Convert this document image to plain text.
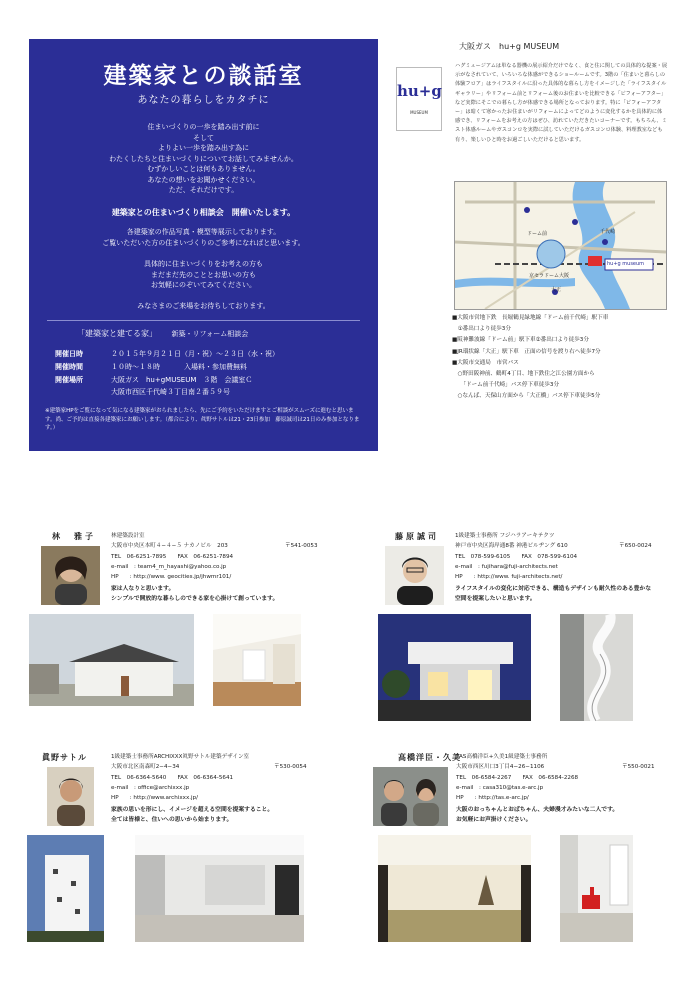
建築家との談話室
あなたの暮らしをカタチに
住まいづくりの一歩を踏み出す前に
そして
よりよい一歩を踏み出す為に
わたくしたちと住まいづくりについてお話してみませんか。
むずかしいことは何もありません。
あなたの想いをお聞かせください。
ただ、それだけです。
建築家との住まいづくり相談会　開催いたします。
各建築家の作品写真・模型等展示しております。
ご覧いただいた方の住まいづくりのご参考になればと思います。
具体的に住まいづくりをお考えの方も
まだまだ先のこととお思いの方も
お気軽にのぞいてみてください。
みなさまのご来場をお待ちしております。
「建築家と建てる家」 新築・リフォーム相談会
開催日時	２０１５年９月２１日（月・祝）～２３日（水・祝）
開催時間	１０時～１８時	入場料・参加費無料
開催場所	大阪ガス　hu+gMUSEUM　３階　会議室Ｃ
大阪市西区千代崎３丁目南２番５９号
※建築家HPをご覧になって気になる建築家がおられましたら、先にご予約をいただけますとご相談がスムーズに進むと思います。尚、ご予約は直接各建築家にお願いします。（都合により、眞野サトルは21・23日参加　藤原誠司は21日のみ参加となります。）
hu+g
MUSEUM
大阪ガス　hu+g MUSEUM
ハグミュージアムは単なる器機の展示紹介だけでなく、食と住に関しての具体的な提案・展示がなされていて、いろいろな体感ができるショールームです。3階の「住まいと暮らしの体験フロア」はライフスタイルに沿った具体的な暮らし方をイメージした「ライフスタイルギャラリー」やリフォーム前とリフォーム後のお住まいを比較できる「ビフォーアフター」など実際にそこでの暮らし方が体感できる場所となっております。特に「ビフォーアフター」は暗くて寒かったお住まいがリフォームによってどのように変化するかを具体的に体感でき、リフォームをお考えの方はぜひ、訪れていただきたいコーナーです。もちろん、ミスト体感ルームやガスコンロを実際に試していただけるガスコンロ体験、料理教室なども有り、楽しいひと時をお過ごしいただけると思います。
ドーム前	千代崎
大正
hu+g museum
京セラドーム大阪
■大阪市営地下鉄　長堀鶴見緑地線「ドーム前千代崎」駅下車
　①番出口より徒歩3分
■阪神難波線「ドーム前」駅下車②番出口より徒歩3分
■JR環状線「大正」駅下車　正面の信号を渡り右へ徒歩7分
■大阪市交通局　市営バス
　○野田阪神前、鶴町4丁目、地下鉄住之江公園方面から
　　「ドーム前千代崎」バス停下車徒歩3分
　○なんば、天保山方面から「大正橋」バス停下車徒歩5分
林　雅子	林建築設計室
大阪市中央区本町４−４−５ ナカノビル　203
TEL　06-6251-7895　　FAX　06-6251-7894
e-mail　: team4_m_hayashi@yahoo.co.jp
HP　　: http://www. geocities.jp/jhwmr101/
家は人なりと思います。
シンプルで開放的な暮らしのできる家を心掛けて創っています。
〒541-0053
藤原誠司	1級建築士事務所 フジハラアーキテクツ
神戸市中央区海岸通8番 神港ビルヂング 610
TEL　078-599-6105　　FAX　078-599-6104
e-mail　: fujihara@fuji-architects.net
HP　　: http://www. fuji-architects.net/
ライフスタイルの変化に対応できる、構造もデザインも耐久性のある豊かな
空間を提案したいと思います。
〒650-0024
眞野サトル	1級建築士事務所ARCHIXXX眞野サトル建築デザイン室
大阪市北区南森町2−4−34
TEL　06-6364-5640　　FAX　06-6364-5641
e-mail　: office@archixxx.jp
HP　　: http://www.archixxx.jp/
家族の思いを形にし、イメージを超える空間を提案すること。
全ては皆様と、住いへの思いから始まります。
〒530-0054
高橋洋臣・久美
TAS高橋洋臣+久美1級建築士事務所
大阪市西区川口3丁目4−26−1106
TEL　06-6584-2267　　FAX　06-6584-2268
e-mail　: casa310@tas.e-arc.jp
HP　　: http://tas.e-arc.jp/
大阪のおっちゃんとおばちゃん、夫婦漫才みたいな二人です。
お気軽にお声掛けください。
〒550-0021
